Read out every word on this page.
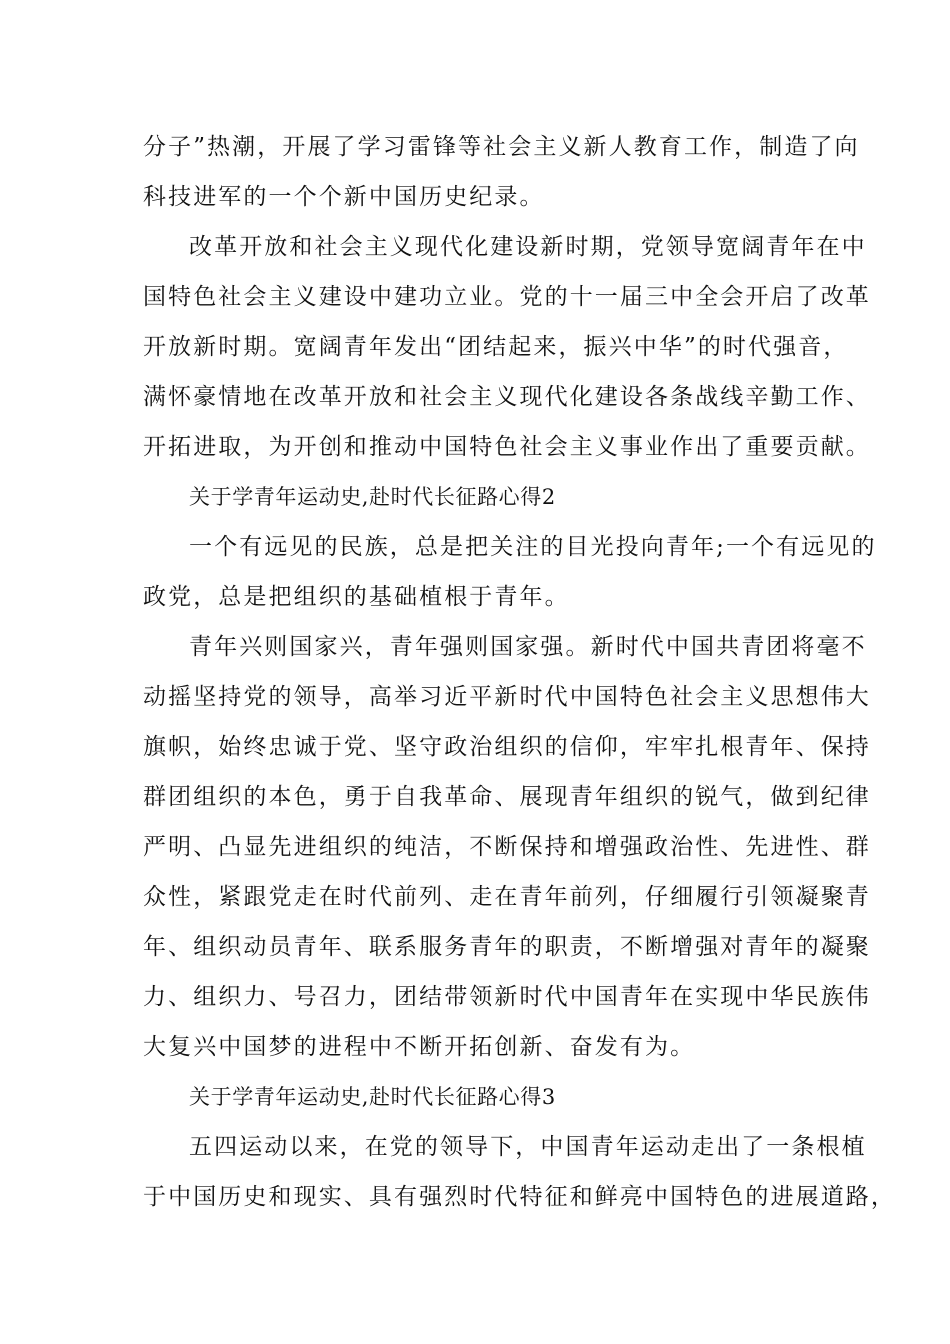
分子”热潮，开展了学习雷锋等社会主义新人教育工作，制造了向
科技进军的一个个新中国历史纪录。
改革开放和社会主义现代化建设新时期，党领导宽阔青年在中
国特色社会主义建设中建功立业。党的十一届三中全会开启了改革
开放新时期。宽阔青年发出“团结起来，振兴中华”的时代强音，
满怀豪情地在改革开放和社会主义现代化建设各条战线辛勤工作、
开拓进取，为开创和推动中国特色社会主义事业作出了重要贡献。
关于学青年运动史,赴时代长征路心得2
一个有远见的民族，总是把关注的目光投向青年;一个有远见的
政党，总是把组织的基础植根于青年。
青年兴则国家兴，青年强则国家强。新时代中国共青团将毫不
动摇坚持党的领导，高举习近平新时代中国特色社会主义思想伟大
旗帜，始终忠诚于党、坚守政治组织的信仰，牢牢扎根青年、保持
群团组织的本色，勇于自我革命、展现青年组织的锐气，做到纪律
严明、凸显先进组织的纯洁，不断保持和增强政治性、先进性、群
众性，紧跟党走在时代前列、走在青年前列，仔细履行引领凝聚青
年、组织动员青年、联系服务青年的职责，不断增强对青年的凝聚
力、组织力、号召力，团结带领新时代中国青年在实现中华民族伟
大复兴中国梦的进程中不断开拓创新、奋发有为。
关于学青年运动史,赴时代长征路心得3
五四运动以来，在党的领导下，中国青年运动走出了一条根植
于中国历史和现实、具有强烈时代特征和鲜亮中国特色的进展道路，
